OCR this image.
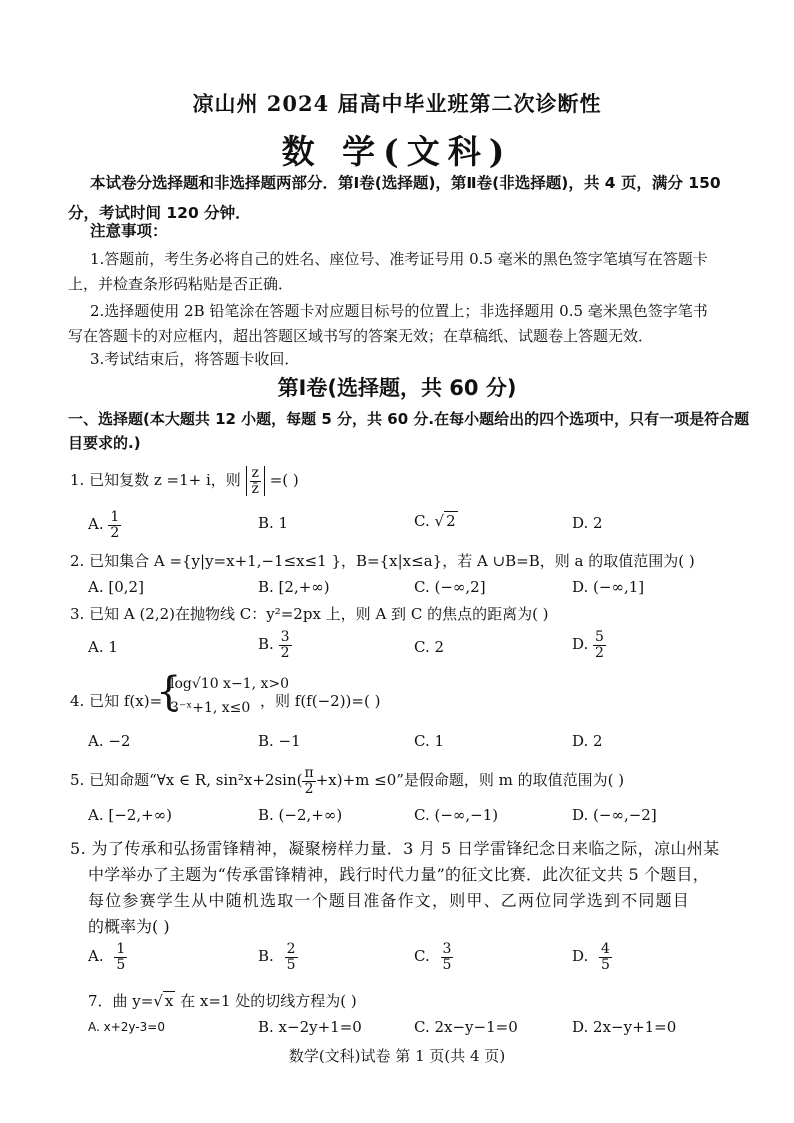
凉山州 2024 届高中毕业班第二次诊断性
数 学(文科)
本试卷分选择题和非选择题两部分．第Ⅰ卷(选择题)，第Ⅱ卷(非选择题)，共 4 页，满分 150
分，考试时间 120 分钟．
注意事项：
1.答题前，考生务必将自己的姓名、座位号、准考证号用 0.5 毫米的黑色签字笔填写在答题卡
上，并检查条形码粘贴是否正确．
2.选择题使用 2B 铅笔涂在答题卡对应题目标号的位置上；非选择题用 0.5 毫米黑色签字笔书
写在答题卡的对应框内，超出答题区域书写的答案无效；在草稿纸、试题卷上答题无效．
3.考试结束后，将答题卡收回．
第Ⅰ卷(选择题，共 60 分)
一、选择题(本大题共 12 小题，每题 5 分，共 60 分.在每小题给出的四个选项中，只有一项是符合题
目要求的.)
1. 已知复数 z =1+ i，则 $\frac{z}{z̄}$ =( )
A. $\frac{1}{2}$	B. 1	C. √ 2	D. 2
2. 已知集合 A ={y|y=x+1,−1≤x≤1 }，B={x|x≤a}，若 A ∪B=B，则 a 的取值范围为( )
A. [0,2]	B. [2,+∞)	C. (−∞,2]	D. (−∞,1]
3. 已知 A (2,2)在抛物线 C：y²=2px 上，则 A 到 C 的焦点的距离为( )
A. 1	B. $\frac{3}{2}$	C. 2	D. $\frac{5}{2}$
4. 已知 f(x)=
{
log√10 x−1, x>0
3⁻ˣ+1, x≤0 ，则 f(f(−2))=( )
A. −2	B. −1	C. 1	D. 2
5. 已知命题“∀x ∈ R, $\sin^2x+2\sin( \frac{\pi}{2} +x)+m \le 0$”是假命题，则 m 的取值范围为( )
A. [−2,+∞)	B. (−2,+∞)	C. (−∞,−1)	D. (−∞,−2]
5. 为了传承和弘扬雷锋精神，凝聚榜样力量．3 月 5 日学雷锋纪念日来临之际，凉山州某
中学举办了主题为“传承雷锋精神，践行时代力量”的征文比赛．此次征文共 5 个题目，
每位参赛学生从中随机选取一个题目准备作文，则甲、乙两位同学选到不同题目
的概率为( )
A. $\frac{1}{5}$	B. $\frac{2}{5}$	C. $\frac{3}{5}$	D. $\frac{4}{5}$
7．曲 y=√ x 在 x=1 处的切线方程为( )
A. x+2y-3=0	B. x−2y+1=0	C. 2x−y−1=0	D. 2x−y+1=0
数学(文科)试卷 第 1 页(共 4 页)
